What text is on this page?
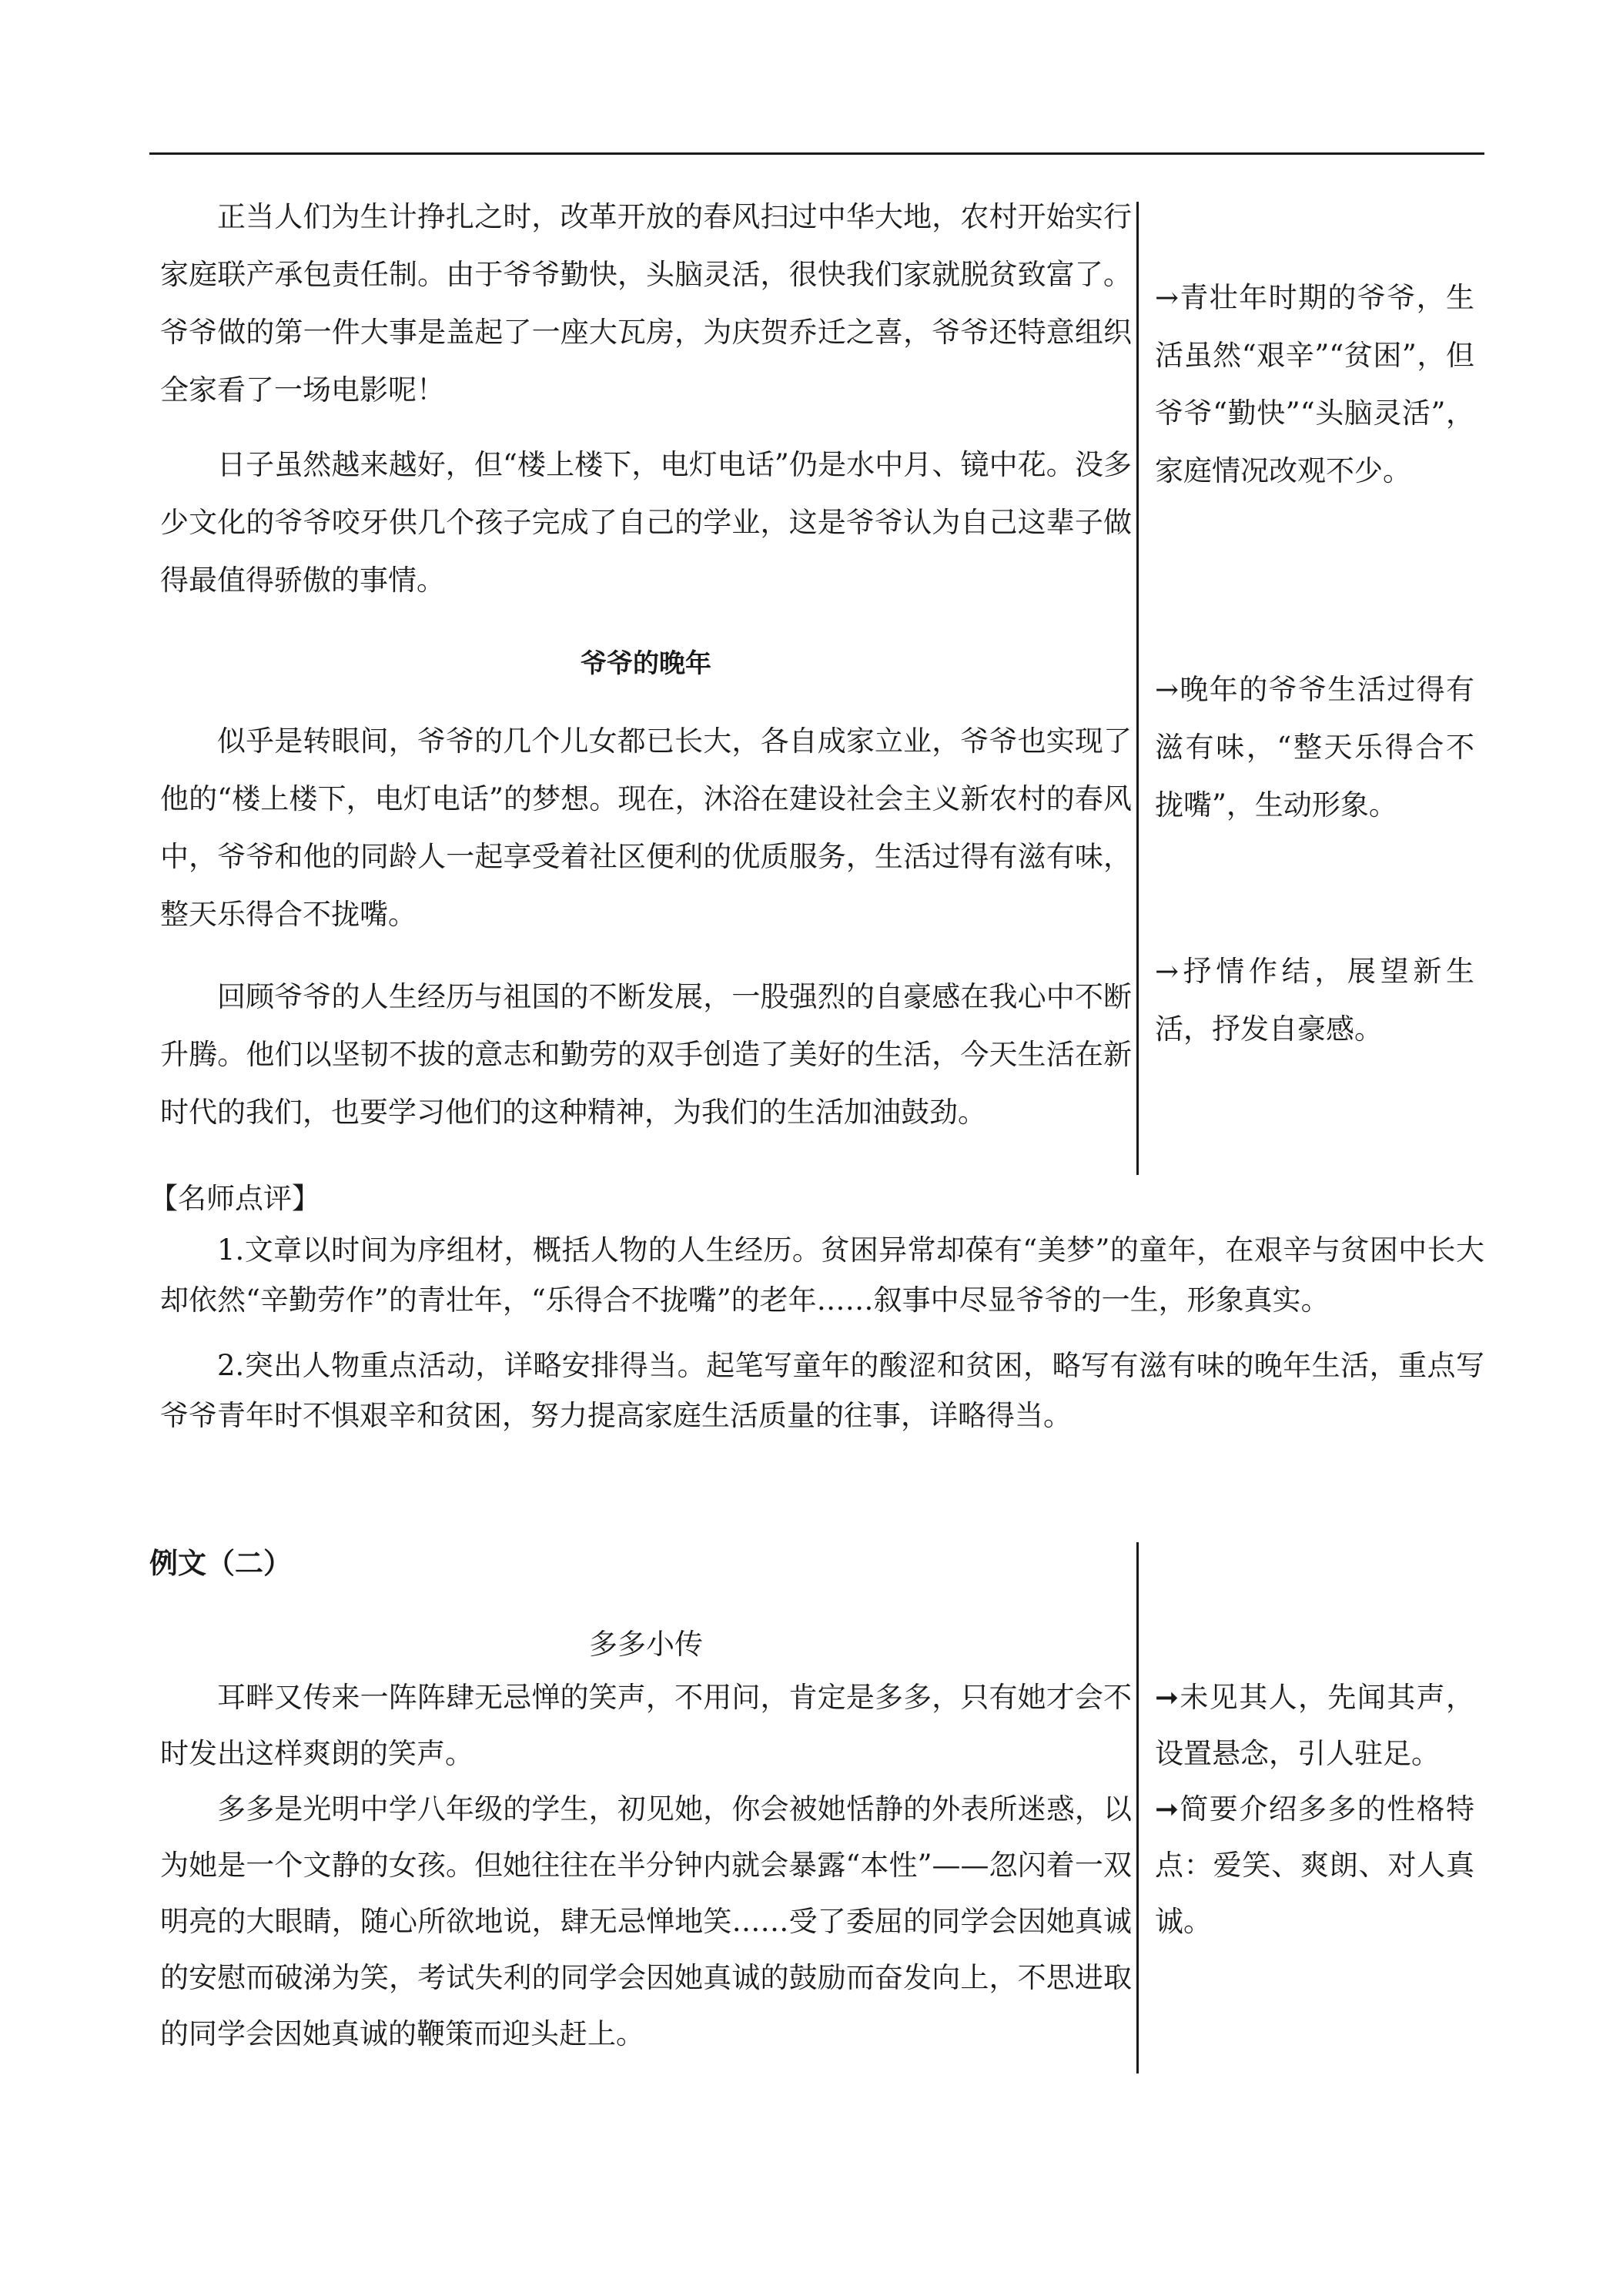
正当人们为生计挣扎之时，改革开放的春风扫过中华大地，农村开始实行家庭联产承包责任制。由于爷爷勤快，头脑灵活，很快我们家就脱贫致富了。爷爷做的第一件大事是盖起了一座大瓦房，为庆贺乔迁之喜，爷爷还特意组织全家看了一场电影呢！

日子虽然越来越好，但“楼上楼下，电灯电话”仍是水中月、镜中花。没多少文化的爷爷咬牙供几个孩子完成了自己的学业，这是爷爷认为自己这辈子做得最值得骄傲的事情。

爷爷的晚年

似乎是转眼间，爷爷的几个儿女都已长大，各自成家立业，爷爷也实现了他的“楼上楼下，电灯电话”的梦想。现在，沐浴在建设社会主义新农村的春风中，爷爷和他的同龄人一起享受着社区便利的优质服务，生活过得有滋有味，整天乐得合不拢嘴。

回顾爷爷的人生经历与祖国的不断发展，一股强烈的自豪感在我心中不断升腾。他们以坚韧不拔的意志和勤劳的双手创造了美好的生活，今天生活在新时代的我们，也要学习他们的这种精神，为我们的生活加油鼓劲。

→青壮年时期的爷爷，生活虽然“艰辛”“贫困”，但爷爷“勤快”“头脑灵活”，家庭情况改观不少。

→晚年的爷爷生活过得有滋有味，“整天乐得合不拢嘴”，生动形象。

→抒情作结，展望新生活，抒发自豪感。

【名师点评】

1.文章以时间为序组材，概括人物的人生经历。贫困异常却葆有“美梦”的童年，在艰辛与贫困中长大却依然“辛勤劳作”的青壮年，“乐得合不拢嘴”的老年……叙事中尽显爷爷的一生，形象真实。

2.突出人物重点活动，详略安排得当。起笔写童年的酸涩和贫困，略写有滋有味的晚年生活，重点写爷爷青年时不惧艰辛和贫困，努力提高家庭生活质量的往事，详略得当。

例文（二）

多多小传

耳畔又传来一阵阵肆无忌惮的笑声，不用问，肯定是多多，只有她才会不时发出这样爽朗的笑声。

多多是光明中学八年级的学生，初见她，你会被她恬静的外表所迷惑，以为她是一个文静的女孩。但她往往在半分钟内就会暴露“本性”——忽闪着一双明亮的大眼睛，随心所欲地说，肆无忌惮地笑……受了委屈的同学会因她真诚的安慰而破涕为笑，考试失利的同学会因她真诚的鼓励而奋发向上，不思进取的同学会因她真诚的鞭策而迎头赶上。

➞未见其人，先闻其声，设置悬念，引人驻足。

➞简要介绍多多的性格特点：爱笑、爽朗、对人真诚。
